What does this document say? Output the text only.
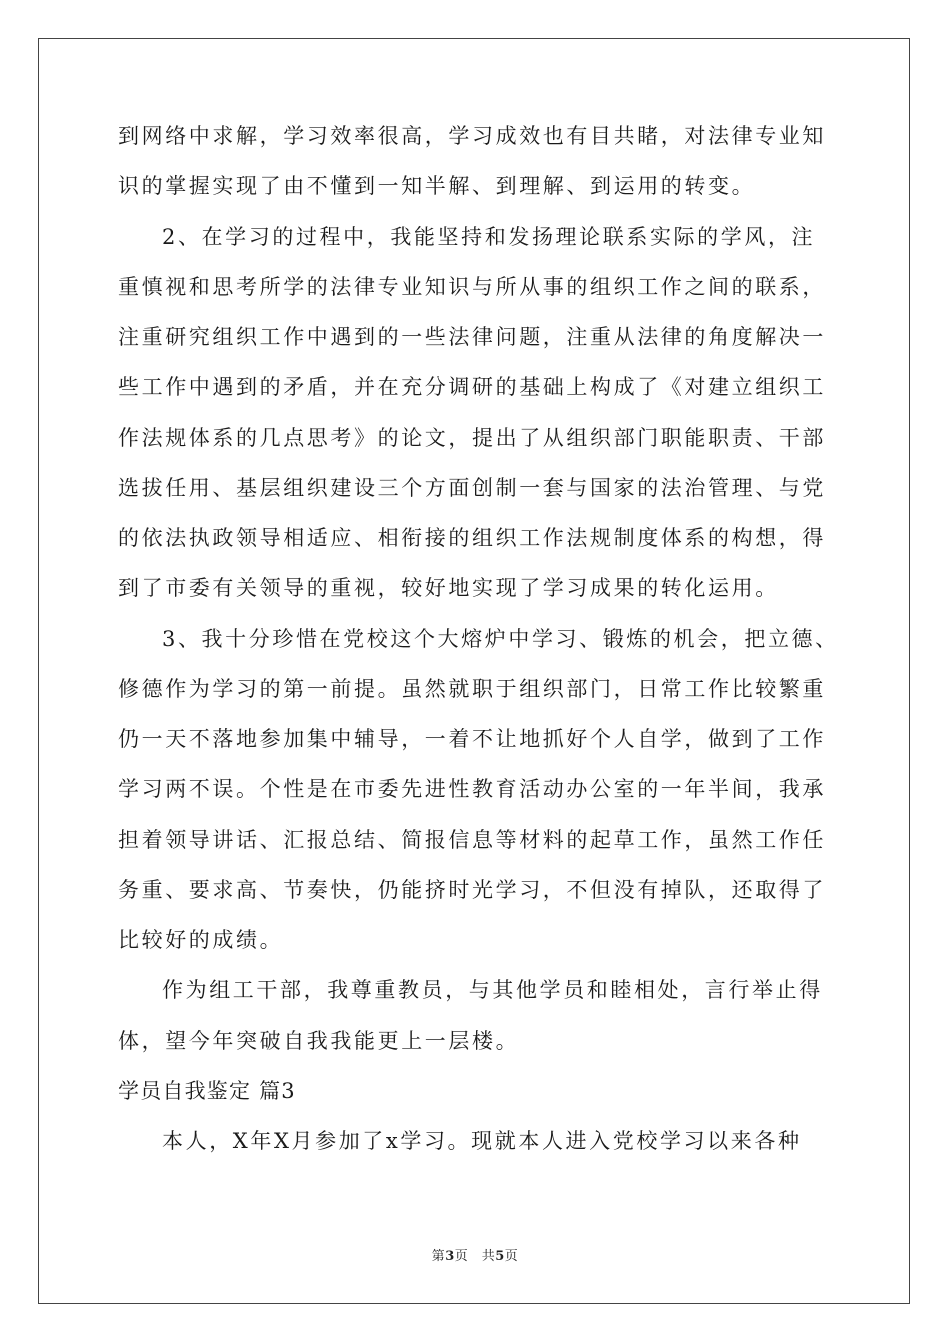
到网络中求解，学习效率很高，学习成效也有目共睹，对法律专业知
识的掌握实现了由不懂到一知半解、到理解、到运用的转变。
2、在学习的过程中，我能坚持和发扬理论联系实际的学风，注
重慎视和思考所学的法律专业知识与所从事的组织工作之间的联系，
注重研究组织工作中遇到的一些法律问题，注重从法律的角度解决一
些工作中遇到的矛盾，并在充分调研的基础上构成了《对建立组织工
作法规体系的几点思考》的论文，提出了从组织部门职能职责、干部
选拔任用、基层组织建设三个方面创制一套与国家的法治管理、与党
的依法执政领导相适应、相衔接的组织工作法规制度体系的构想，得
到了市委有关领导的重视，较好地实现了学习成果的转化运用。
3、我十分珍惜在党校这个大熔炉中学习、锻炼的机会，把立德、
修德作为学习的第一前提。虽然就职于组织部门，日常工作比较繁重
仍一天不落地参加集中辅导，一着不让地抓好个人自学，做到了工作
学习两不误。个性是在市委先进性教育活动办公室的一年半间，我承
担着领导讲话、汇报总结、简报信息等材料的起草工作，虽然工作任
务重、要求高、节奏快，仍能挤时光学习，不但没有掉队，还取得了
比较好的成绩。
作为组工干部，我尊重教员，与其他学员和睦相处，言行举止得
体，望今年突破自我我能更上一层楼。
学员自我鉴定 篇3
本人，X年X月参加了x学习。现就本人进入党校学习以来各种
第3页　共5页
